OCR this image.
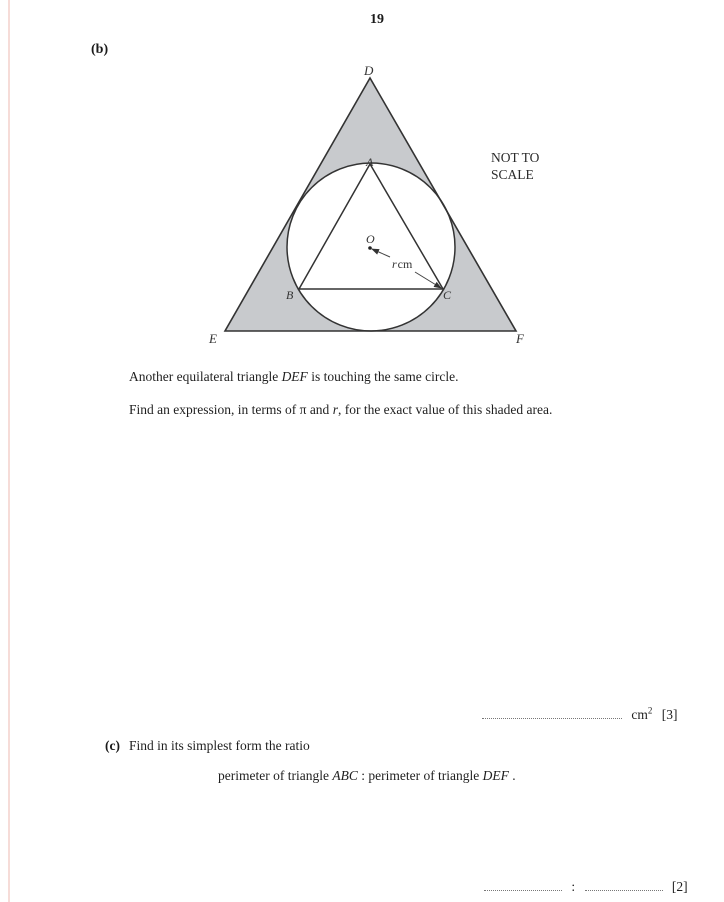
19
(b)
D
E	F
A
B	C
O
rcm
NOT TO
SCALE
Another equilateral triangle DEF is touching the same circle.
Find an expression, in terms of π and r, for the exact value of this shaded area.
$cm^2$ [3]
(c) Find in its simplest form the ratio
perimeter of triangle ABC : perimeter of triangle DEF .
:	[2]
